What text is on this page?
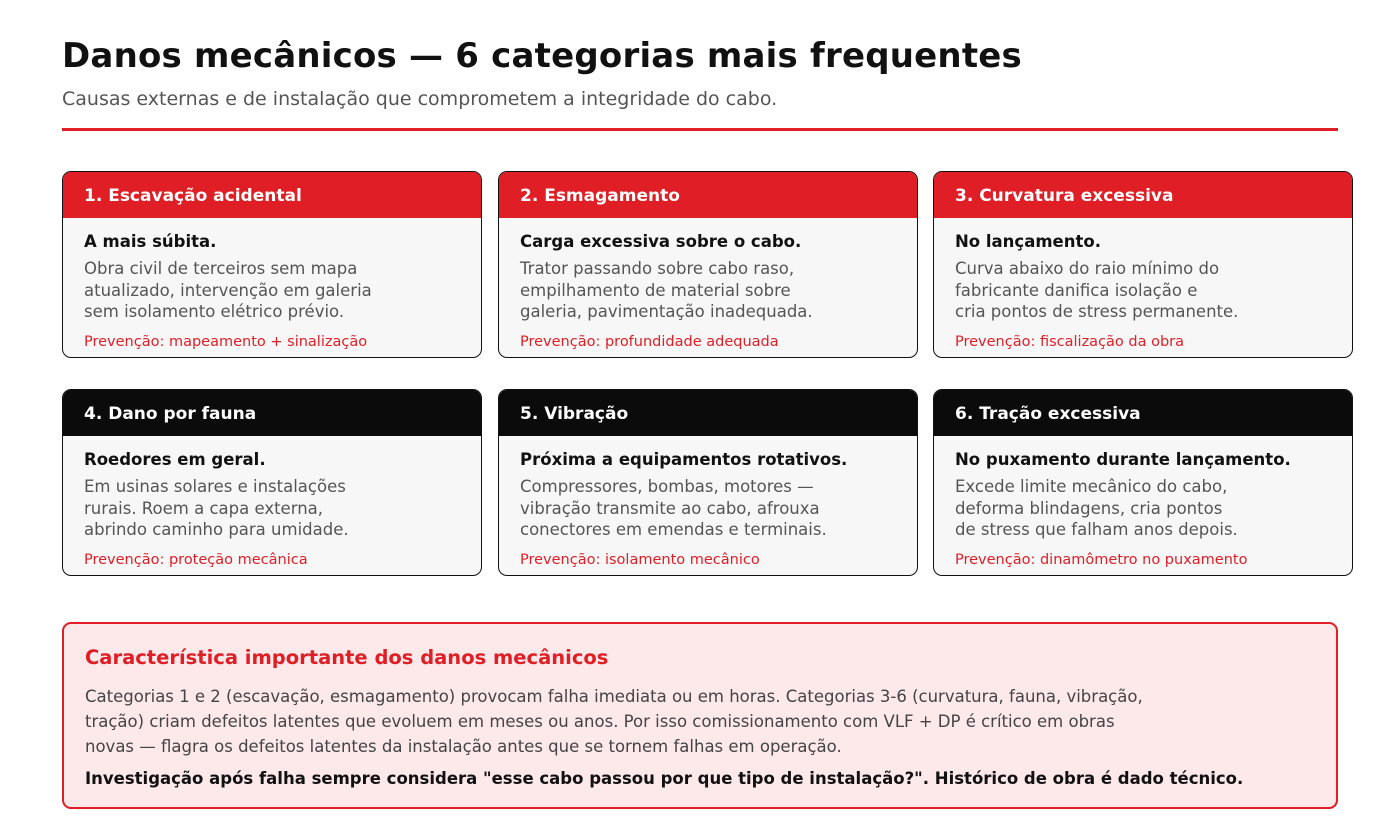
Danos mecânicos — 6 categorias mais frequentes
Causas externas e de instalação que comprometem a integridade do cabo.
1. Escavação acidental
A mais súbita.
Obra civil de terceiros sem mapa
atualizado, intervenção em galeria
sem isolamento elétrico prévio.
Prevenção: mapeamento + sinalização
2. Esmagamento
Carga excessiva sobre o cabo.
Trator passando sobre cabo raso,
empilhamento de material sobre
galeria, pavimentação inadequada.
Prevenção: profundidade adequada
3. Curvatura excessiva
No lançamento.
Curva abaixo do raio mínimo do
fabricante danifica isolação e
cria pontos de stress permanente.
Prevenção: fiscalização da obra
4. Dano por fauna
Roedores em geral.
Em usinas solares e instalações
rurais. Roem a capa externa,
abrindo caminho para umidade.
Prevenção: proteção mecânica
5. Vibração
Próxima a equipamentos rotativos.
Compressores, bombas, motores —
vibração transmite ao cabo, afrouxa
conectores em emendas e terminais.
Prevenção: isolamento mecânico
6. Tração excessiva
No puxamento durante lançamento.
Excede limite mecânico do cabo,
deforma blindagens, cria pontos
de stress que falham anos depois.
Prevenção: dinamômetro no puxamento
Característica importante dos danos mecânicos
Categorias 1 e 2 (escavação, esmagamento) provocam falha imediata ou em horas. Categorias 3-6 (curvatura, fauna, vibração,
tração) criam defeitos latentes que evoluem em meses ou anos. Por isso comissionamento com VLF + DP é crítico em obras
novas — flagra os defeitos latentes da instalação antes que se tornem falhas em operação.
Investigação após falha sempre considera "esse cabo passou por que tipo de instalação?". Histórico de obra é dado técnico.
